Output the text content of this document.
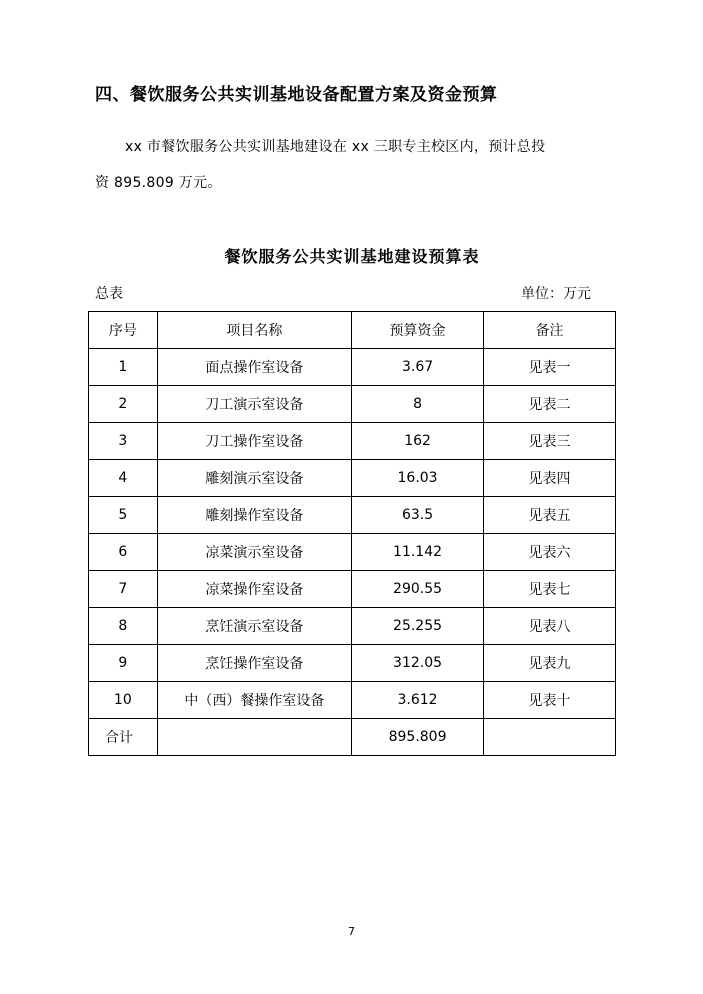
四、餐饮服务公共实训基地设备配置方案及资金预算
xx 市餐饮服务公共实训基地建设在 xx 三职专主校区内，预计总投
资 895.809 万元。
餐饮服务公共实训基地建设预算表
总表	单位：万元
序号	项目名称	预算资金	备注
1	面点操作室设备	3.67	见表一
2	刀工演示室设备	8	见表二
3	刀工操作室设备	162	见表三
4	雕刻演示室设备	16.03	见表四
5	雕刻操作室设备	63.5	见表五
6	凉菜演示室设备	11.142	见表六
7	凉菜操作室设备	290.55	见表七
8	烹饪演示室设备	25.255	见表八
9	烹饪操作室设备	312.05	见表九
10	中（西）餐操作室设备	3.612	见表十
合计		895.809	
7
